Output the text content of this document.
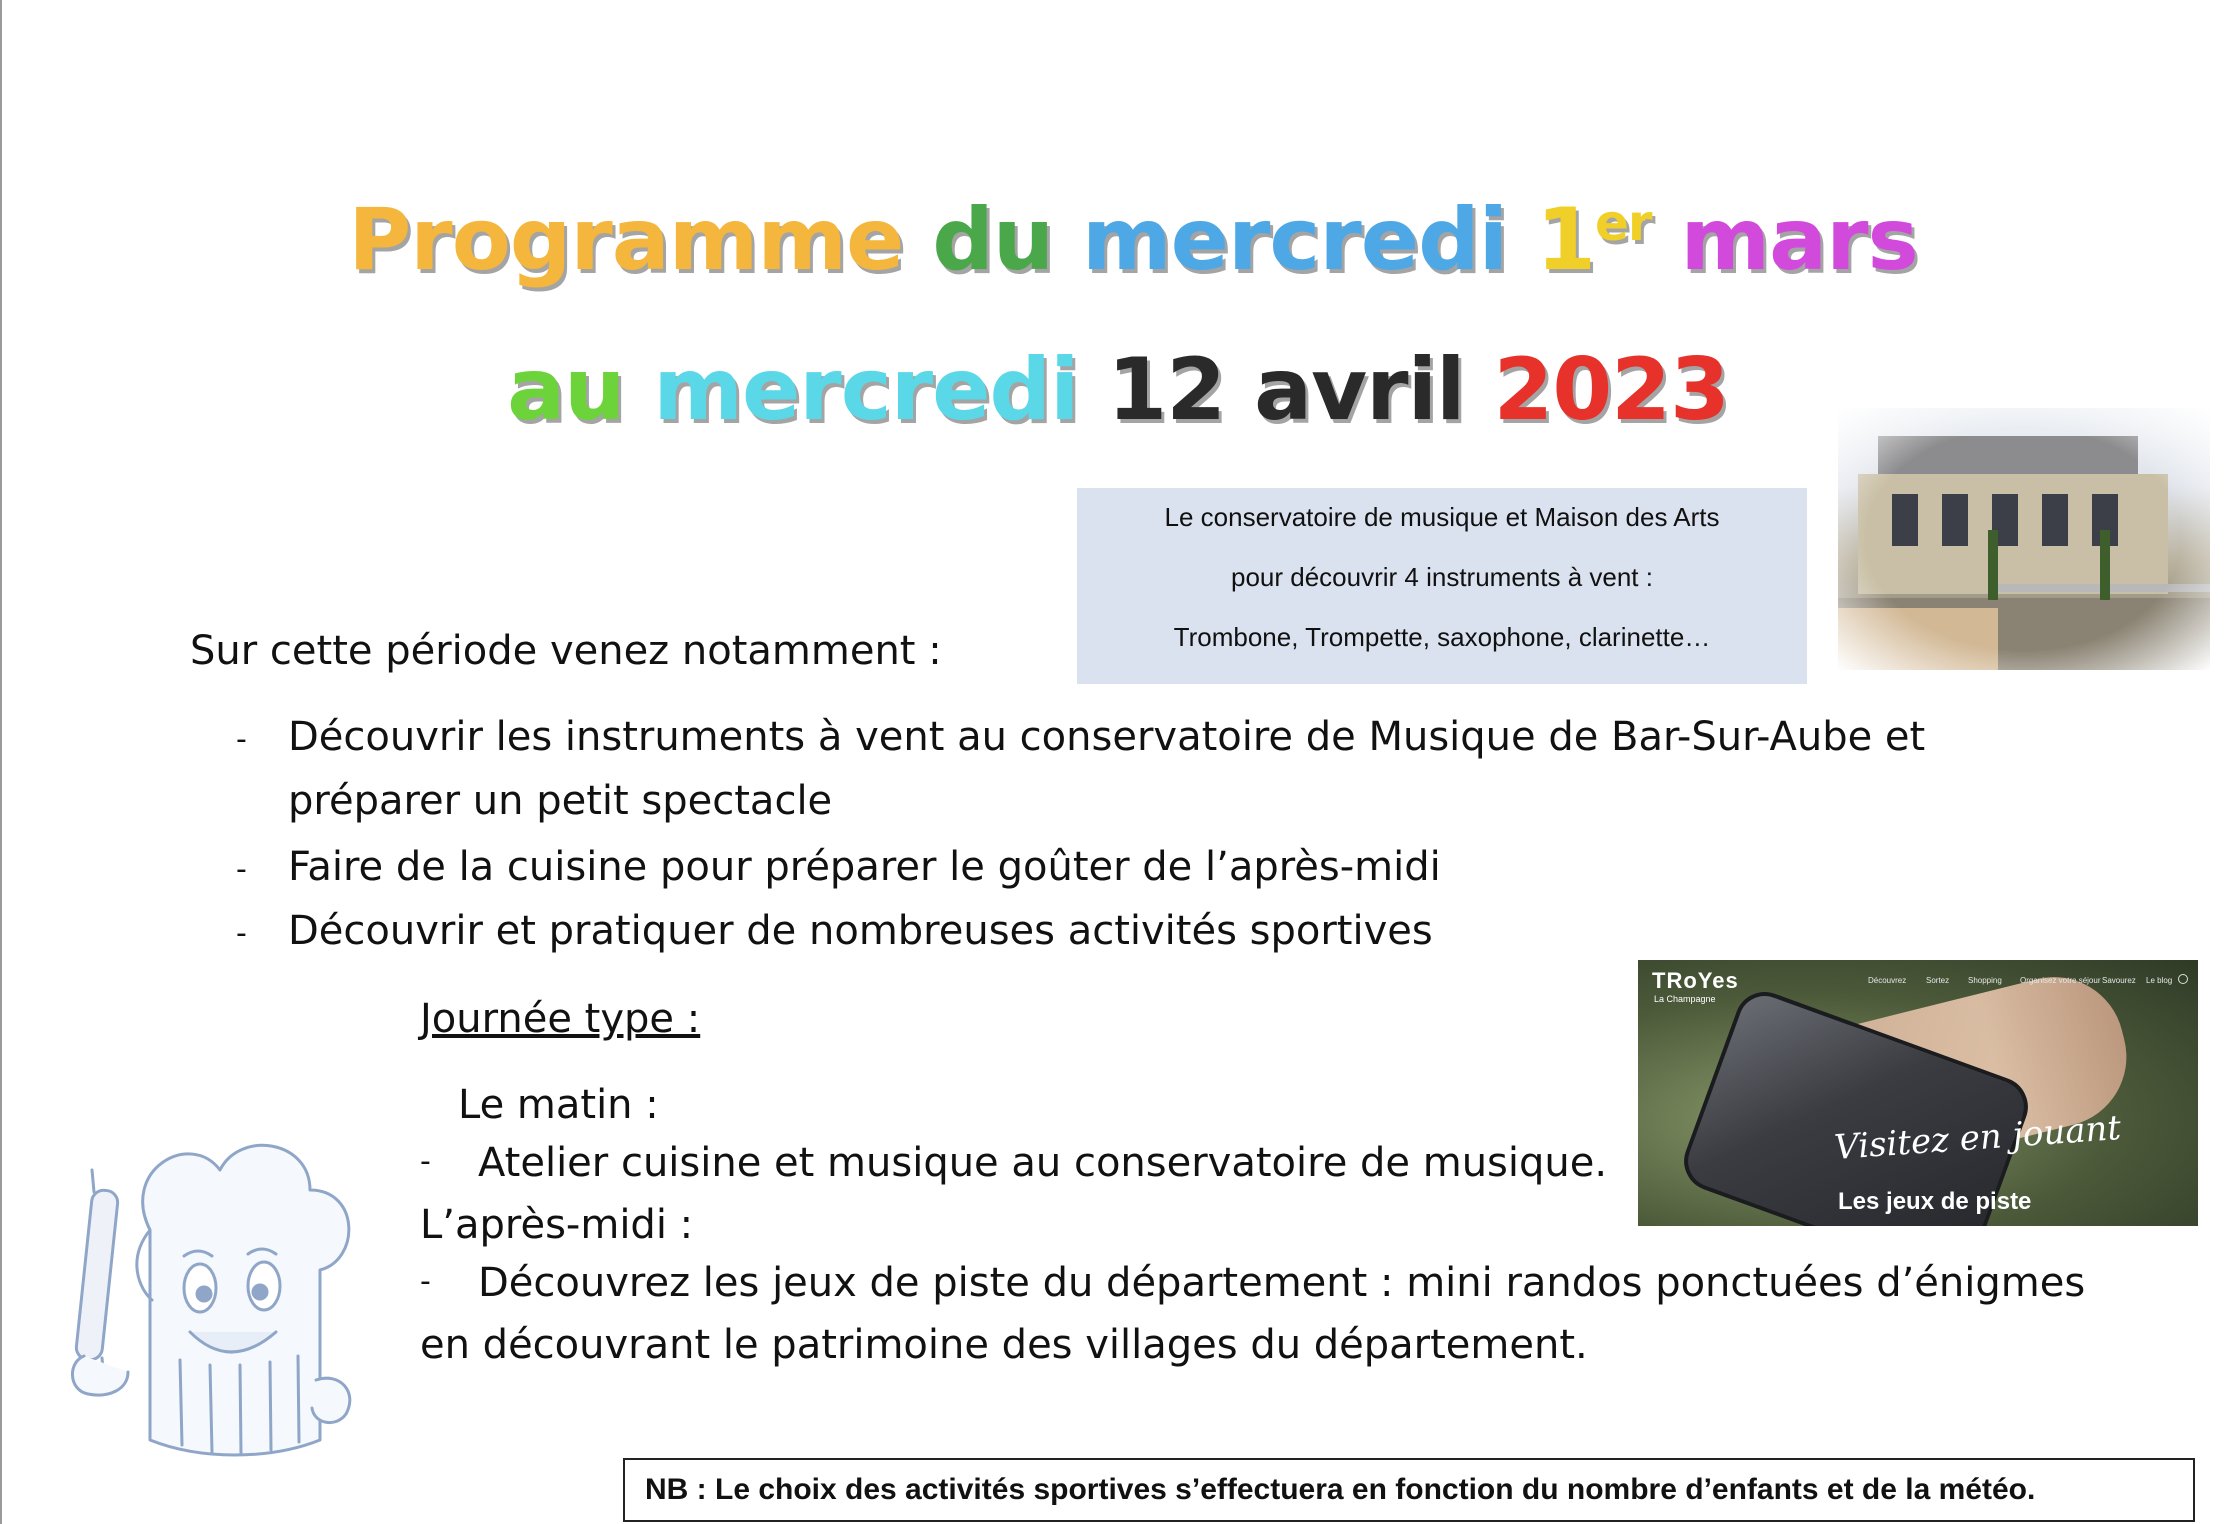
Programme du mercredi 1er mars
au mercredi 12 avril 2023
Le conservatoire de musique et Maison des Arts
pour découvrir 4 instruments à vent :
Trombone, Trompette, saxophone, clarinette…
Sur cette période venez notamment :
- Découvrir les instruments à vent au conservatoire de Musique de Bar-Sur-Aube et
préparer un petit spectacle
- Faire de la cuisine pour préparer le goûter de l’après-midi
- Découvrir et pratiquer de nombreuses activités sportives
Journée type :
Le matin :
- Atelier cuisine et musique au conservatoire de musique.
L’après-midi :
- Découvrez les jeux de piste du département : mini randos ponctuées d’énigmes
en découvrant le patrimoine des villages du département.
TRoYes
La Champagne
Découvrez Sortez Shopping Organisez votre séjour Savourez Le blog
Visitez en jouant
Les jeux de piste
NB : Le choix des activités sportives s’effectuera en fonction du nombre d’enfants et de la météo.
